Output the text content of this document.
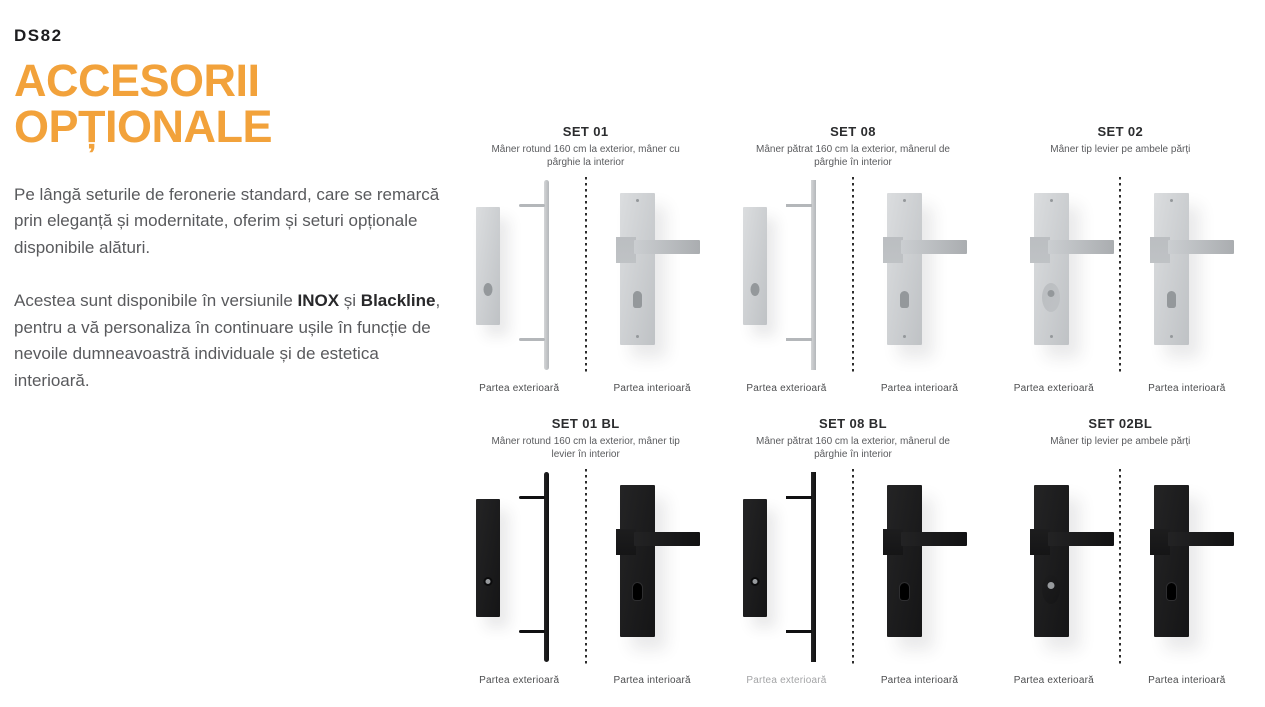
DS82
ACCESORII OPȚIONALE

Pe lângă seturile de feronerie standard, care se remarcă prin eleganță și modernitate, oferim și seturi opționale disponibile alături.

Acestea sunt disponibile în versiunile INOX și Blackline, pentru a vă personaliza în continuare ușile în funcție de nevoile dumneavoastră individuale și de estetica interioară.

SET 01
Mâner rotund 160 cm la exterior, mâner cu pârghie la interior
Partea exterioară	Partea interioară
SET 08
Mâner pătrat 160 cm la exterior, mânerul de pârghie în interior
Partea exterioară	Partea interioară
SET 02
Mâner tip levier pe ambele părți
Partea exterioară	Partea interioară
SET 01 BL
Mâner rotund 160 cm la exterior, mâner tip levier în interior
Partea exterioară	Partea interioară
SET 08 BL
Mâner pătrat 160 cm la exterior, mânerul de pârghie în interior
Partea exterioară	Partea interioară
SET 02BL
Mâner tip levier pe ambele părți
Partea exterioară	Partea interioară
